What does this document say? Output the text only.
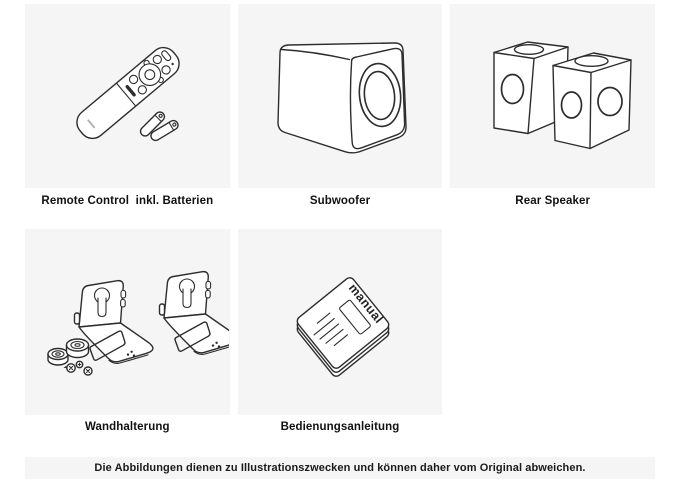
Remote Control  inkl. Batterien	Subwoofer	Rear Speaker
Wandhalterung
manual
Bedienungsanleitung
Die Abbildungen dienen zu Illustrationszwecken und können daher vom Original abweichen.
